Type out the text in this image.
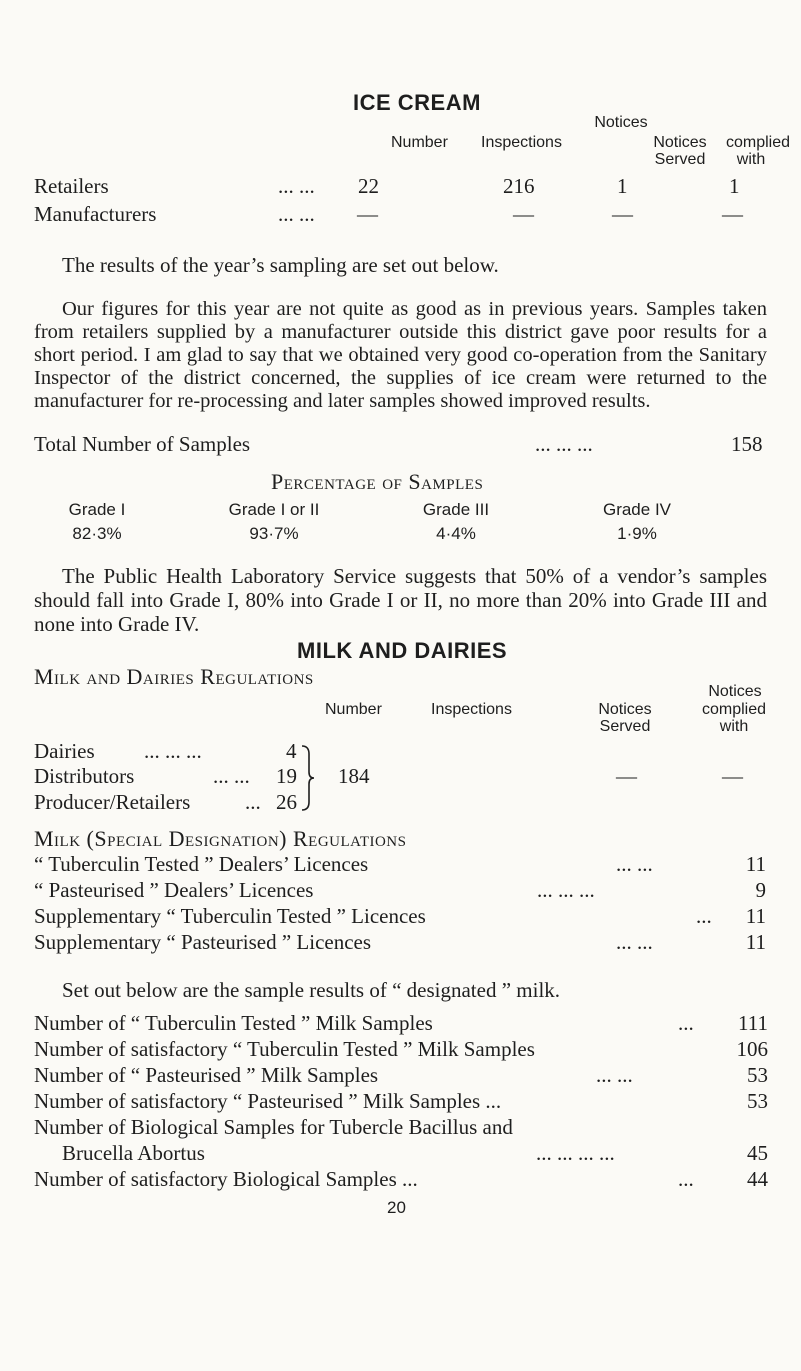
ICE CREAM
Notices
Number Inspections	Notices	complied
Served	with
Retailers	... ... 22	216	1	1
Manufacturers	... ... —	—	—	—
The results of the year’s sampling are set out below.
Our figures for this year are not quite as good as in previous years. Samples taken from retailers supplied by a manufacturer outside this district gave poor results for a short period. I am glad to say that we obtained very good co-operation from the Sanitary Inspector of the district concerned, the supplies of ice cream were returned to the manufacturer for re-processing and later samples showed improved results.
Total Number of Samples	... ... ...	158
Percentage of Samples
Grade I	Grade I or II	Grade III	Grade IV
82·3%	93·7%	4·4%	1·9%
The Public Health Laboratory Service suggests that 50% of a vendor’s samples should fall into Grade I, 80% into Grade I or II, no more than 20% into Grade III and none into Grade IV.
MILK AND DAIRIES
Milk and Dairies Regulations
Notices
Number	Inspections	Notices	complied
Served	with
Dairies ... ... ...	4
Distributors	... ... 19
Producer/Retailers	... 26
184	—	—
Milk (Special Designation) Regulations
“ Tuberculin Tested ” Dealers’ Licences	... ...	11
“ Pasteurised ” Dealers’ Licences	... ... ...	9
Supplementary “ Tuberculin Tested ” Licences	...	11
Supplementary “ Pasteurised ” Licences	... ...	11
Set out below are the sample results of “ designated ” milk.
Number of “ Tuberculin Tested ” Milk Samples	...	111
Number of satisfactory “ Tuberculin Tested ” Milk Samples	106
Number of “ Pasteurised ” Milk Samples	... ...	53
Number of satisfactory “ Pasteurised ” Milk Samples ...	53
Number of Biological Samples for Tubercle Bacillus and
Brucella Abortus	... ... ... ...	45
Number of satisfactory Biological Samples ...	...	44
20
